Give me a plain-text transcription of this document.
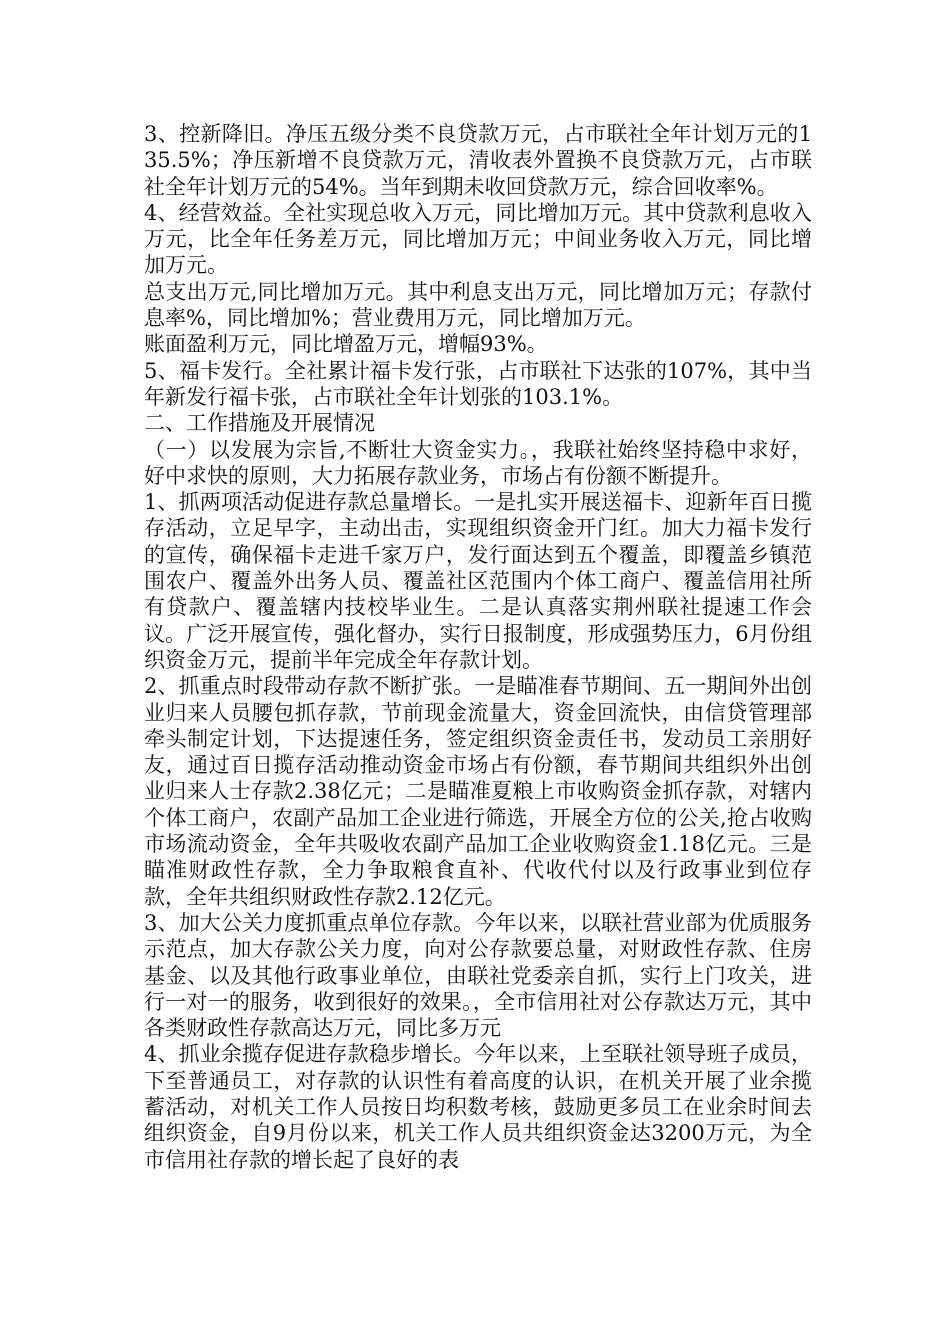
3、控新降旧。净压五级分类不良贷款万元，占市联社全年计划万元的135.5%；净压新增不良贷款万元，清收表外置换不良贷款万元，占市联社全年计划万元的54%。当年到期未收回贷款万元，综合回收率%。

4、经营效益。全社实现总收入万元，同比增加万元。其中贷款利息收入万元，比全年任务差万元，同比增加万元；中间业务收入万元，同比增加万元。

总支出万元,同比增加万元。其中利息支出万元，同比增加万元；存款付息率%，同比增加%；营业费用万元，同比增加万元。

账面盈利万元，同比增盈万元，增幅93%。

5、福卡发行。全社累计福卡发行张，占市联社下达张的107%，其中当年新发行福卡张，占市联社全年计划张的103.1%。

二、工作措施及开展情况

（一）以发展为宗旨,不断壮大资金实力。，我联社始终坚持稳中求好，好中求快的原则，大力拓展存款业务，市场占有份额不断提升。

1、抓两项活动促进存款总量增长。一是扎实开展送福卡、迎新年百日揽存活动，立足早字，主动出击，实现组织资金开门红。加大力福卡发行的宣传，确保福卡走进千家万户，发行面达到五个覆盖，即覆盖乡镇范围农户、覆盖外出务人员、覆盖社区范围内个体工商户、覆盖信用社所有贷款户、覆盖辖内技校毕业生。二是认真落实荆州联社提速工作会议。广泛开展宣传，强化督办，实行日报制度，形成强势压力，6月份组织资金万元，提前半年完成全年存款计划。

2、抓重点时段带动存款不断扩张。一是瞄准春节期间、五一期间外出创业归来人员腰包抓存款，节前现金流量大，资金回流快，由信贷管理部牵头制定计划，下达提速任务，签定组织资金责任书，发动员工亲朋好友，通过百日揽存活动推动资金市场占有份额，春节期间共组织外出创业归来人士存款2.38亿元；二是瞄准夏粮上市收购资金抓存款，对辖内个体工商户，农副产品加工企业进行筛选，开展全方位的公关,抢占收购市场流动资金，全年共吸收农副产品加工企业收购资金1.18亿元。三是瞄准财政性存款，全力争取粮食直补、代收代付以及行政事业到位存款，全年共组织财政性存款2.12亿元。

3、加大公关力度抓重点单位存款。今年以来，以联社营业部为优质服务示范点，加大存款公关力度，向对公存款要总量，对财政性存款、住房基金、以及其他行政事业单位，由联社党委亲自抓，实行上门攻关，进行一对一的服务，收到很好的效果。，全市信用社对公存款达万元，其中各类财政性存款高达万元，同比多万元

4、抓业余揽存促进存款稳步增长。今年以来，上至联社领导班子成员，下至普通员工，对存款的认识性有着高度的认识，在机关开展了业余揽蓄活动，对机关工作人员按日均积数考核，鼓励更多员工在业余时间去组织资金，自9月份以来，机关工作人员共组织资金达3200万元，为全市信用社存款的增长起了良好的表
